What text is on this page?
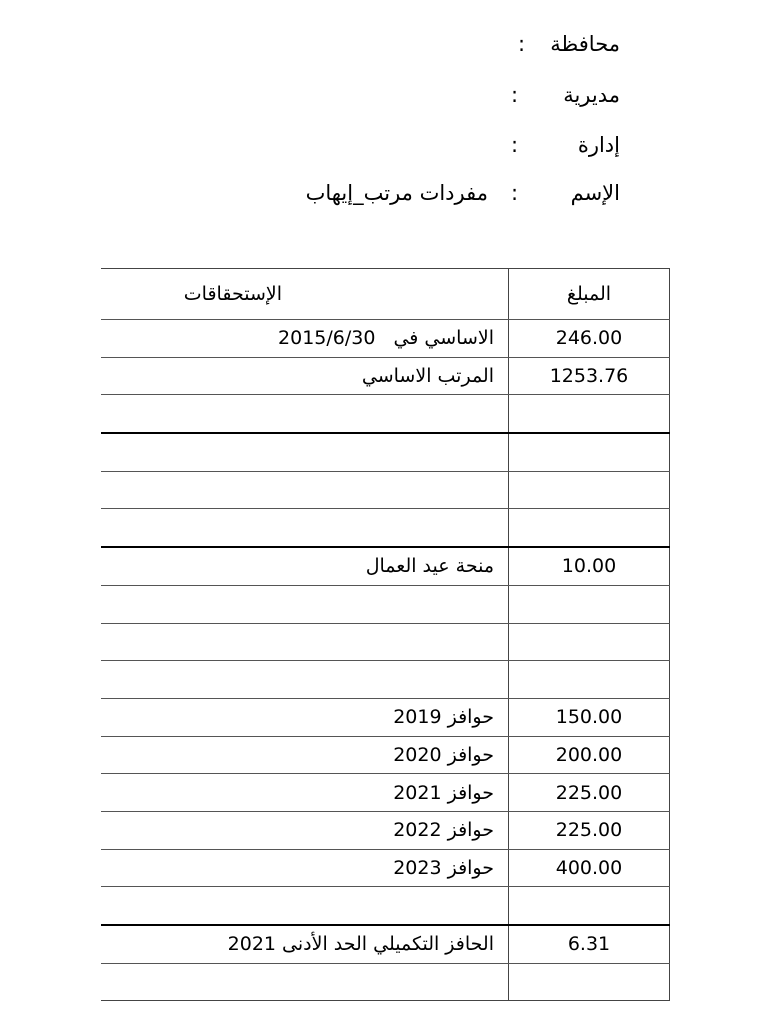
محافظة
:
مديرية
:
إدارة
:
الإسم
:
مفردات مرتب_إيهاب
المبلغ	الإستحقاقات
246.00	الاساسي في2015/6/30
1253.76	المرتب الاساسي

10.00	منحة عيد العمال

150.00	حوافز 2019
200.00	حوافز 2020
225.00	حوافز 2021
225.00	حوافز 2022
400.00	حوافز 2023

6.31	الحافز التكميلي الحد الأدنى 2021
